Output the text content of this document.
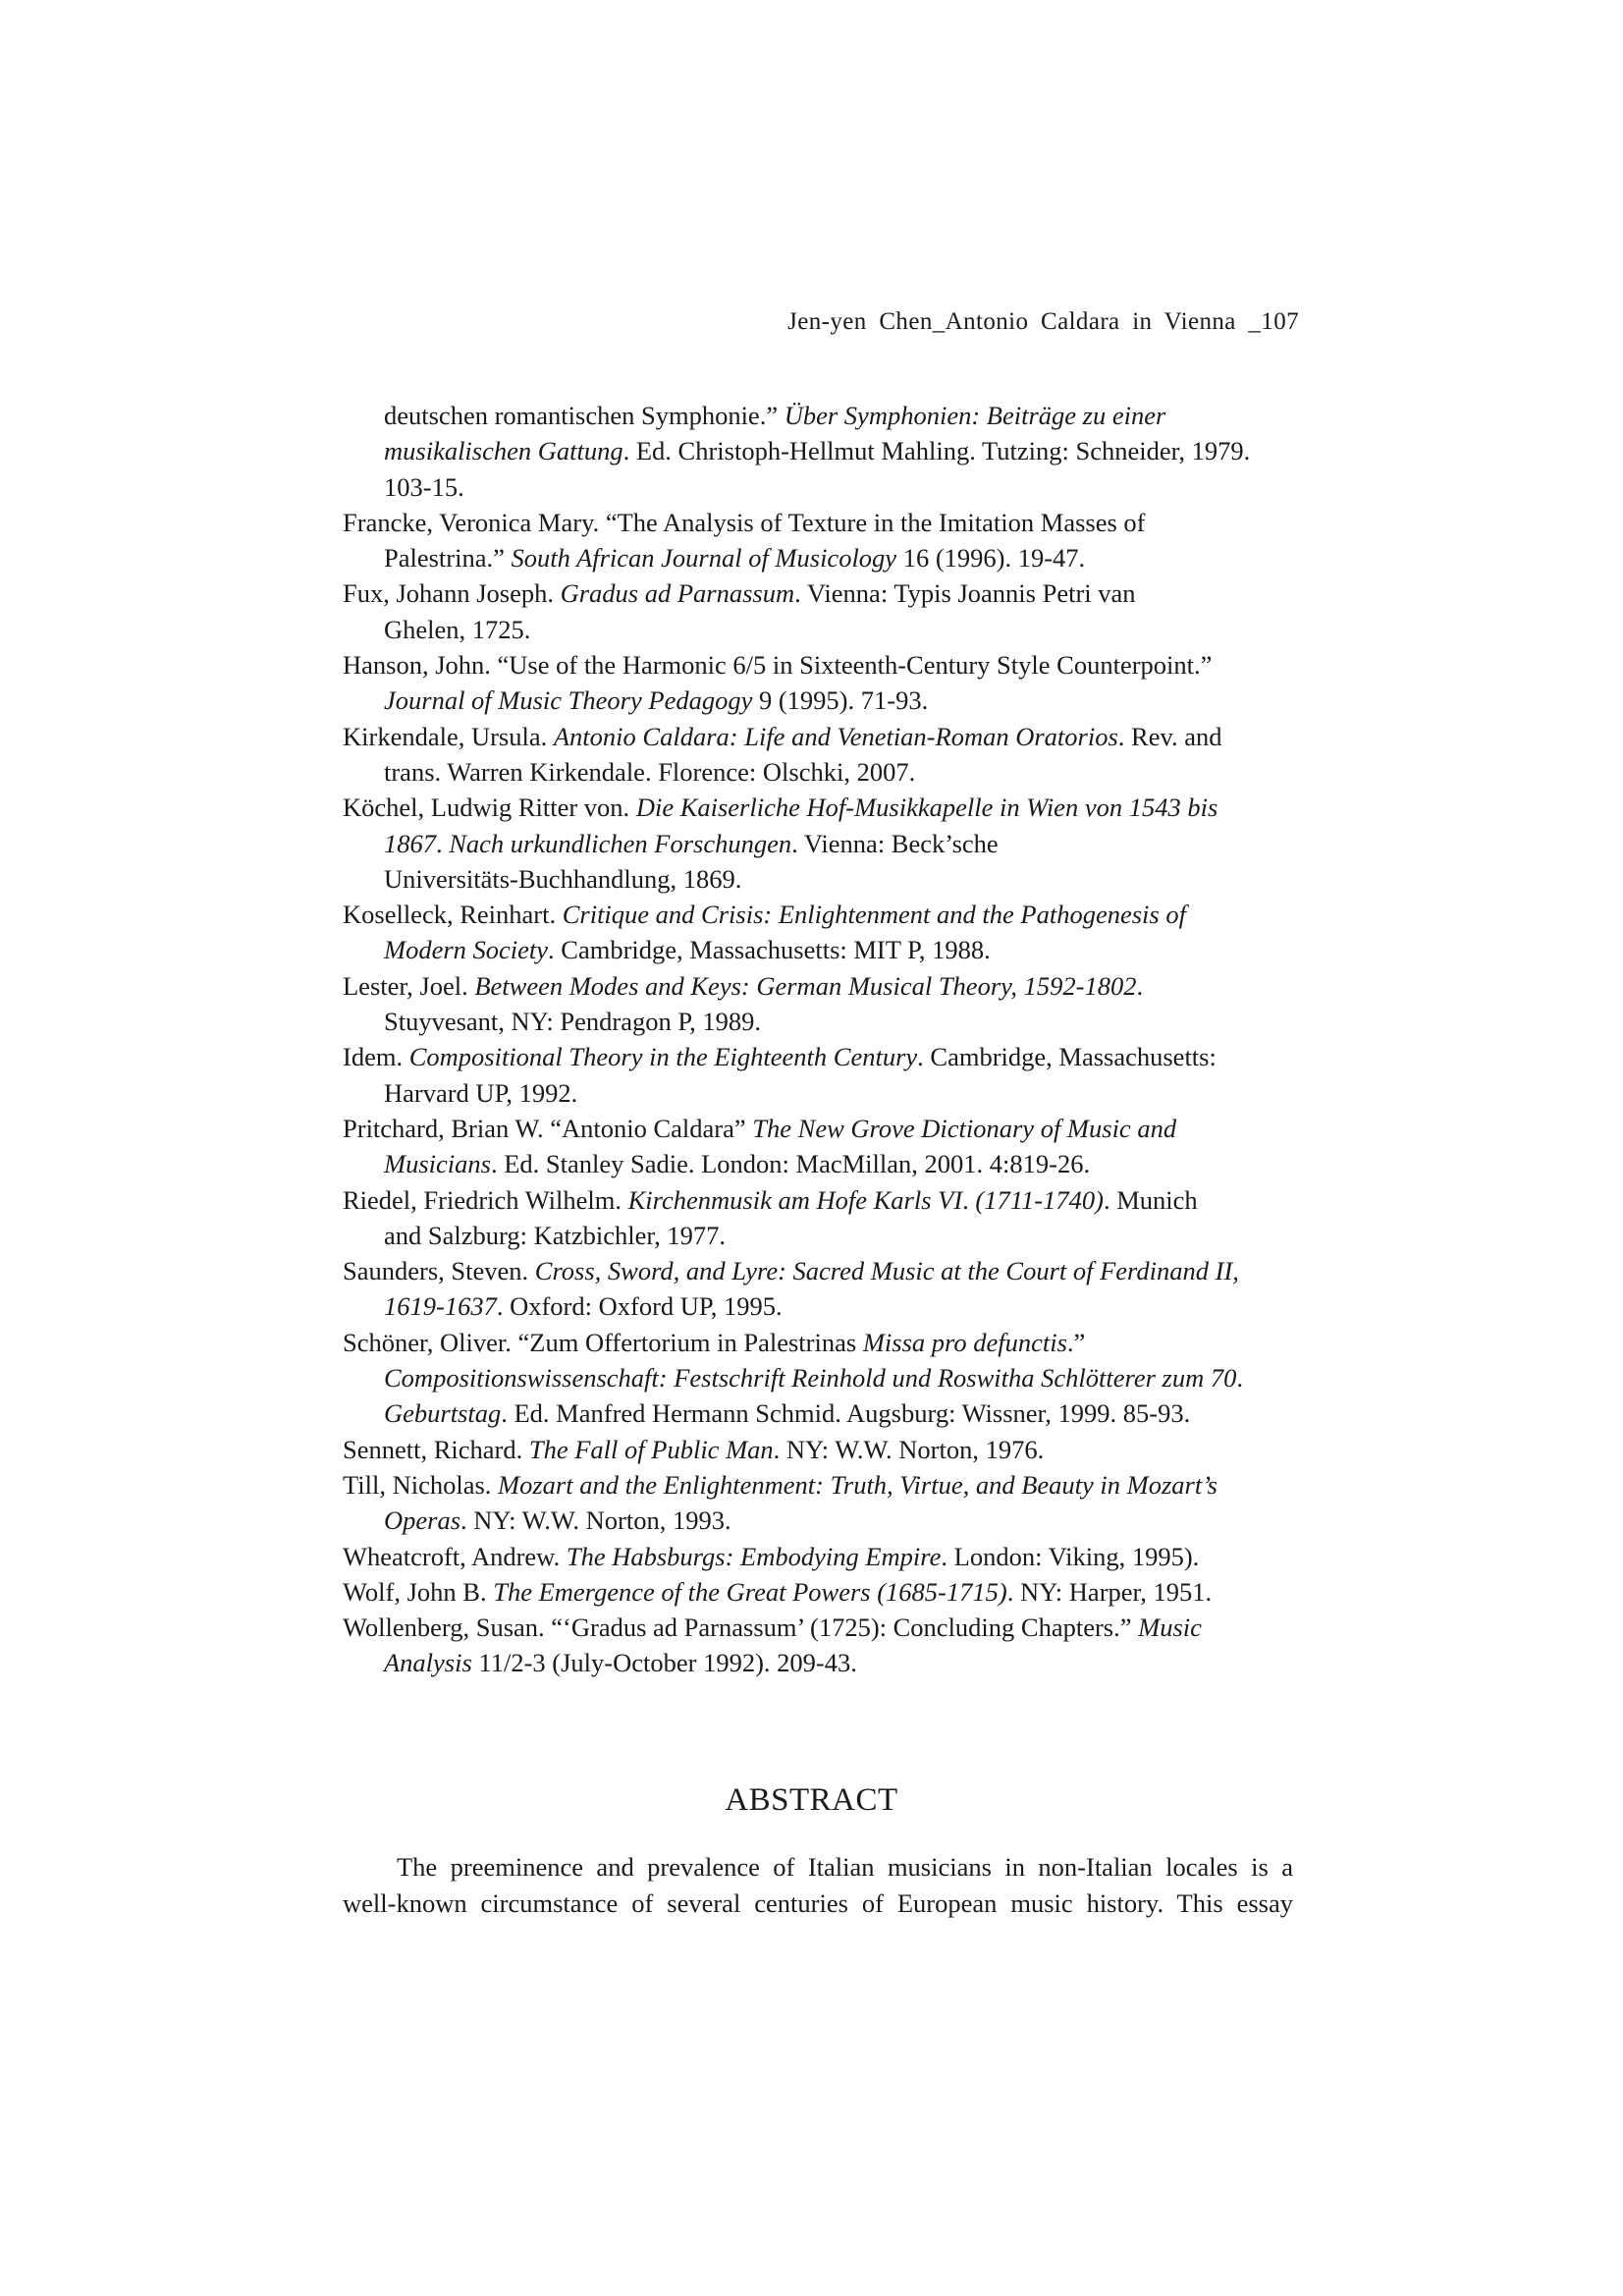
Jen-yen Chen_Antonio Caldara in Vienna _107
deutschen romantischen Symphonie.” Über Symphonien: Beiträge zu einer
musikalischen Gattung. Ed. Christoph-Hellmut Mahling. Tutzing: Schneider, 1979.
103-15.
Francke, Veronica Mary. “The Analysis of Texture in the Imitation Masses of
Palestrina.” South African Journal of Musicology 16 (1996). 19-47.
Fux, Johann Joseph. Gradus ad Parnassum. Vienna: Typis Joannis Petri van
Ghelen, 1725.
Hanson, John. “Use of the Harmonic 6/5 in Sixteenth-Century Style Counterpoint.”
Journal of Music Theory Pedagogy 9 (1995). 71-93.
Kirkendale, Ursula. Antonio Caldara: Life and Venetian-Roman Oratorios. Rev. and
trans. Warren Kirkendale. Florence: Olschki, 2007.
Köchel, Ludwig Ritter von. Die Kaiserliche Hof-Musikkapelle in Wien von 1543 bis
1867. Nach urkundlichen Forschungen. Vienna: Beck’sche
Universitäts-Buchhandlung, 1869.
Koselleck, Reinhart. Critique and Crisis: Enlightenment and the Pathogenesis of
Modern Society. Cambridge, Massachusetts: MIT P, 1988.
Lester, Joel. Between Modes and Keys: German Musical Theory, 1592-1802.
Stuyvesant, NY: Pendragon P, 1989.
Idem. Compositional Theory in the Eighteenth Century. Cambridge, Massachusetts:
Harvard UP, 1992.
Pritchard, Brian W. “Antonio Caldara” The New Grove Dictionary of Music and
Musicians. Ed. Stanley Sadie. London: MacMillan, 2001. 4:819-26.
Riedel, Friedrich Wilhelm. Kirchenmusik am Hofe Karls VI. (1711-1740). Munich
and Salzburg: Katzbichler, 1977.
Saunders, Steven. Cross, Sword, and Lyre: Sacred Music at the Court of Ferdinand II,
1619-1637. Oxford: Oxford UP, 1995.
Schöner, Oliver. “Zum Offertorium in Palestrinas Missa pro defunctis.”
Compositionswissenschaft: Festschrift Reinhold und Roswitha Schlötterer zum 70.
Geburtstag. Ed. Manfred Hermann Schmid. Augsburg: Wissner, 1999. 85-93.
Sennett, Richard. The Fall of Public Man. NY: W.W. Norton, 1976.
Till, Nicholas. Mozart and the Enlightenment: Truth, Virtue, and Beauty in Mozart’s
Operas. NY: W.W. Norton, 1993.
Wheatcroft, Andrew. The Habsburgs: Embodying Empire. London: Viking, 1995).
Wolf, John B. The Emergence of the Great Powers (1685-1715). NY: Harper, 1951.
Wollenberg, Susan. “‘Gradus ad Parnassum’ (1725): Concluding Chapters.” Music
Analysis 11/2-3 (July-October 1992). 209-43.
ABSTRACT
The preeminence and prevalence of Italian musicians in non-Italian locales is a
well-known circumstance of several centuries of European music history. This essay
